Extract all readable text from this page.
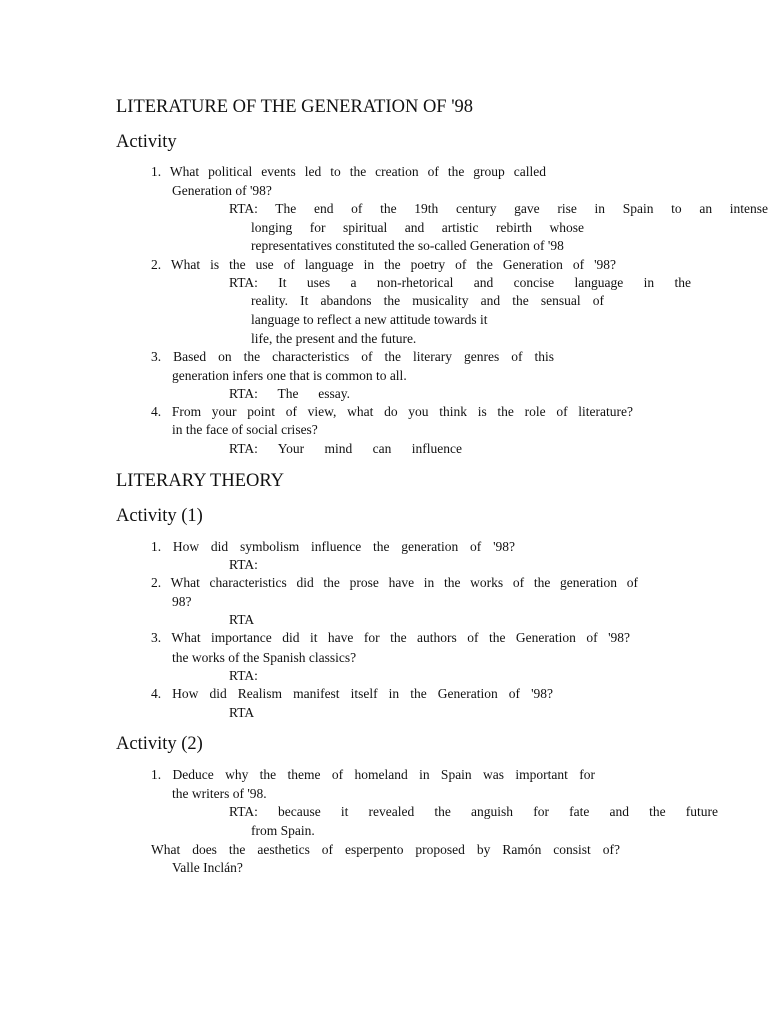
LITERATURE OF THE GENERATION OF '98
Activity
1. What political events led to the creation of the group called
Generation of '98?
RTA: The end of the 19th century gave rise in Spain to an intense
longing for spiritual and artistic rebirth whose
representatives constituted the so-called Generation of '98
2. What is the use of language in the poetry of the Generation of '98?
RTA: It uses a non-rhetorical and concise language in the
reality. It abandons the musicality and the sensual of
language to reflect a new attitude towards it
life, the present and the future.
3. Based on the characteristics of the literary genres of this
generation infers one that is common to all.
RTA: The essay.
4. From your point of view, what do you think is the role of literature?
in the face of social crises?
RTA: Your mind can influence
LITERARY THEORY
Activity (1)
1. How did symbolism influence the generation of '98?
RTA:
2. What characteristics did the prose have in the works of the generation of
98?
RTA
3. What importance did it have for the authors of the Generation of '98?
the works of the Spanish classics?
RTA:
4. How did Realism manifest itself in the Generation of '98?
RTA
Activity (2)
1. Deduce why the theme of homeland in Spain was important for
the writers of '98.
RTA: because it revealed the anguish for fate and the future
from Spain.
What does the aesthetics of esperpento proposed by Ramón consist of?
Valle Inclán?
